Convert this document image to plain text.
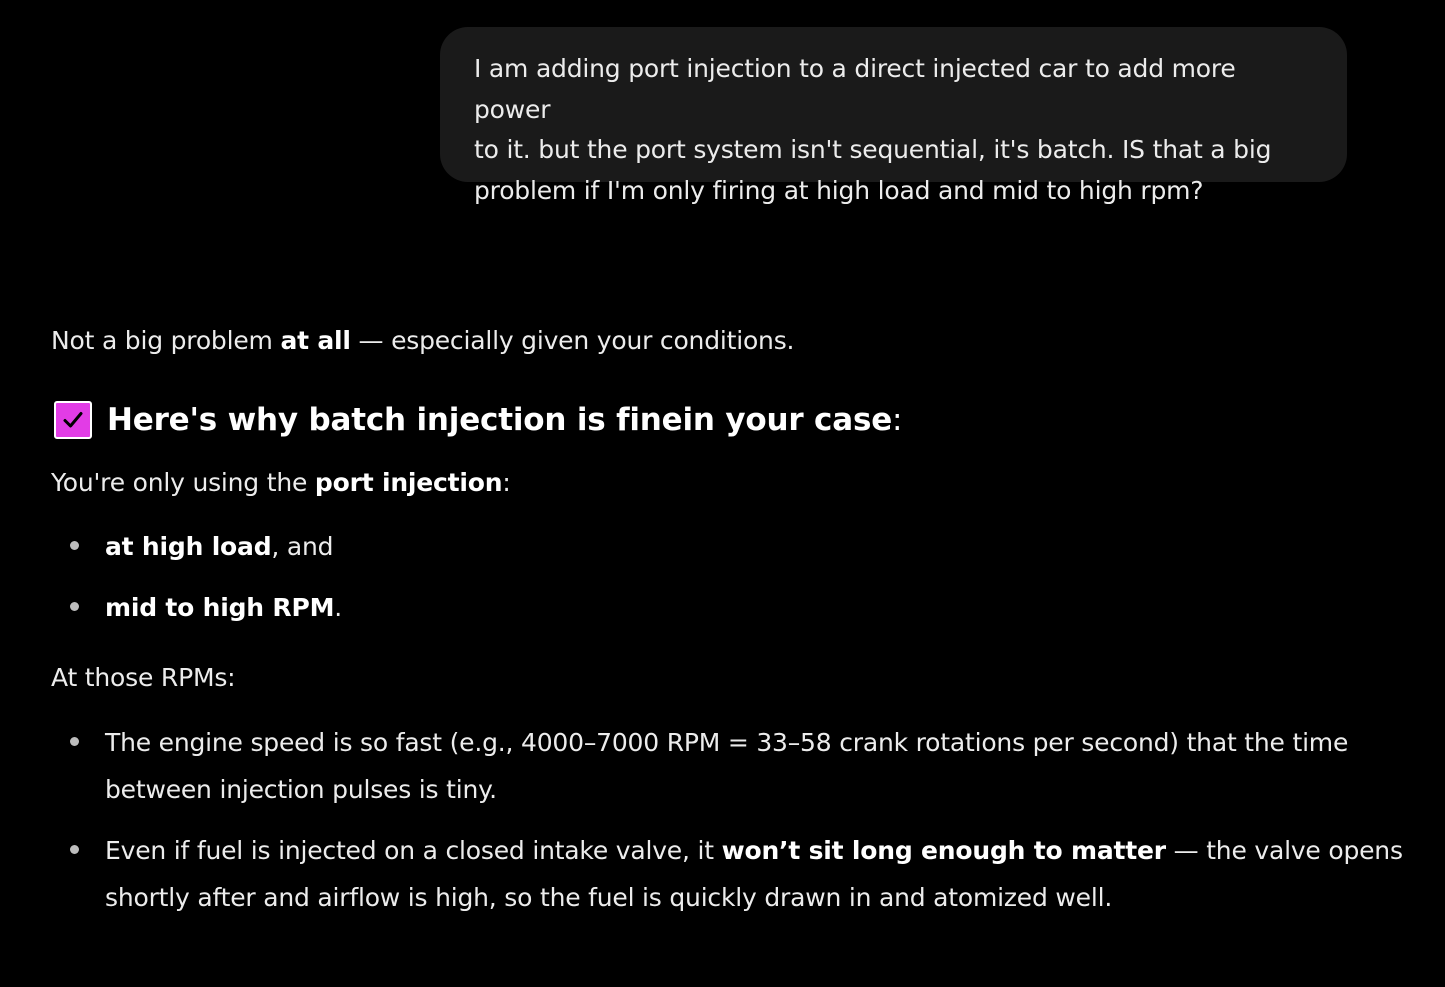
I am adding port injection to a direct injected car to add more power
to it. but the port system isn't sequential, it's batch. IS that a big
problem if I'm only firing at high load and mid to high rpm?
Not a big problem at all — especially given your conditions.
Here's why batch injection is fine in your case :
You're only using the port injection:
at high load, and
mid to high RPM.
At those RPMs:
The engine speed is so fast (e.g., 4000–7000 RPM = 33–58 crank rotations per second) that the time
between injection pulses is tiny.
Even if fuel is injected on a closed intake valve, it won’t sit long enough to matter — the valve opens
shortly after and airflow is high, so the fuel is quickly drawn in and atomized well.
